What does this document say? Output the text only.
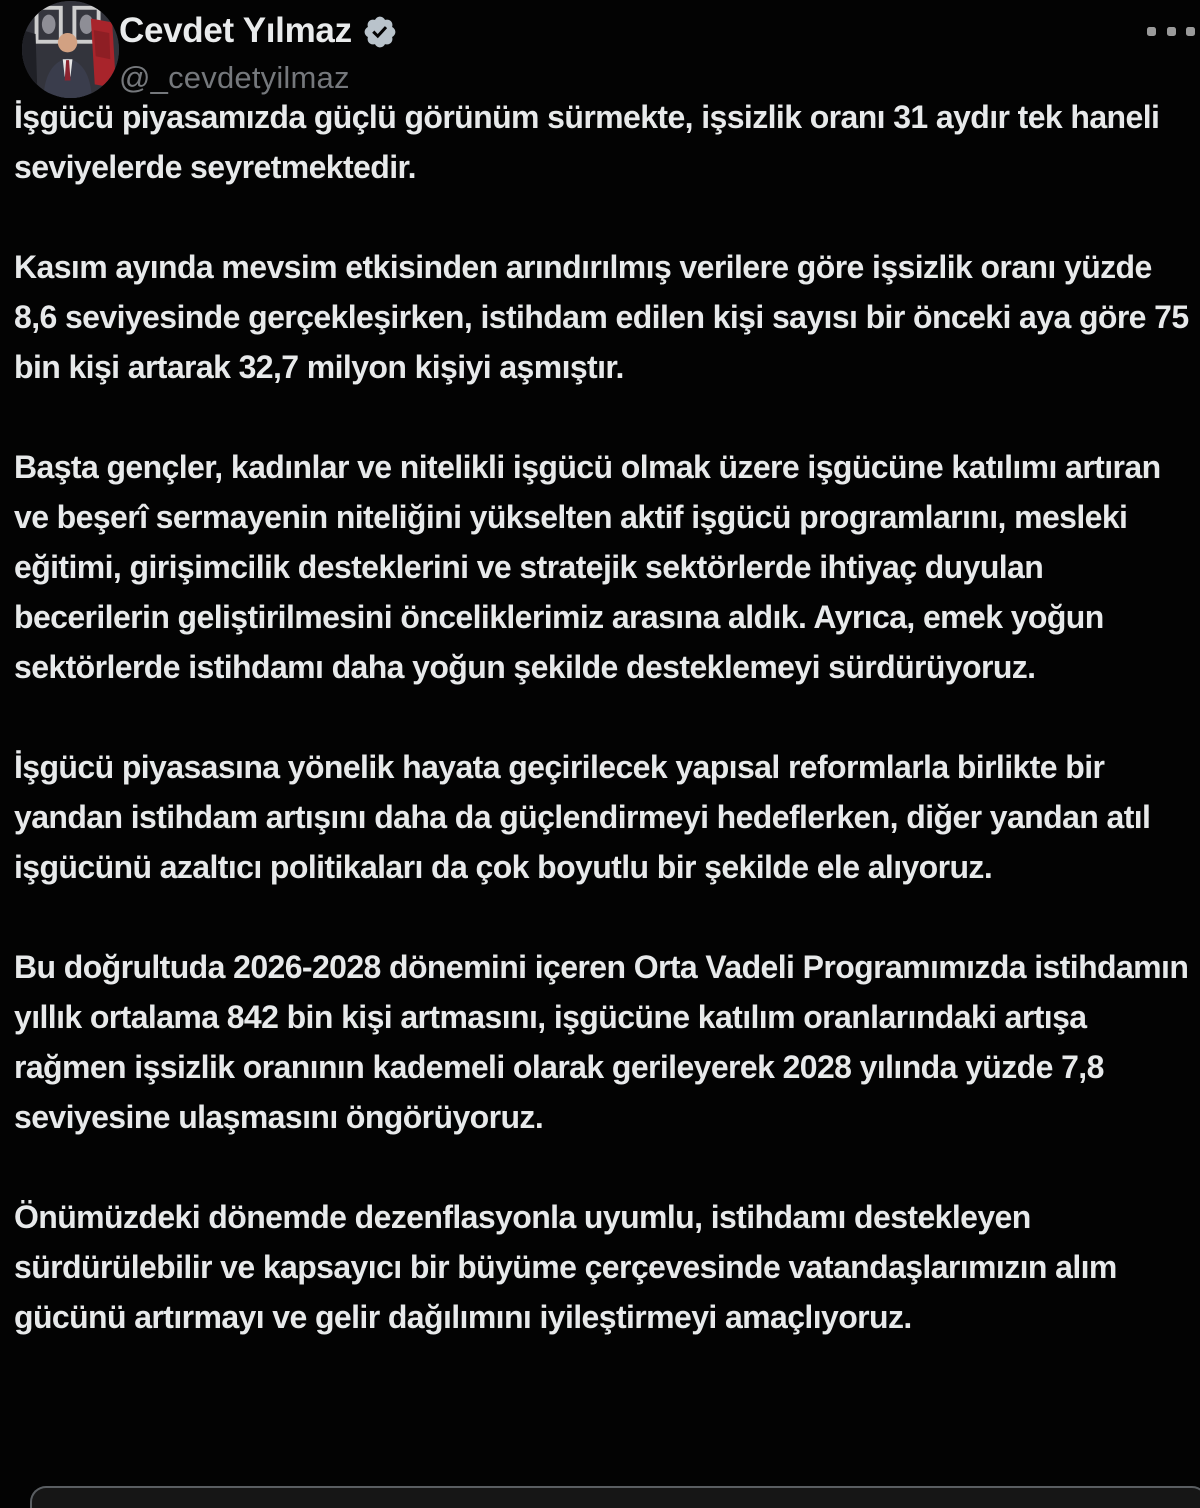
Cevdet Yılmaz
@_cevdetyilmaz

İşgücü piyasamızda güçlü görünüm sürmekte, işsizlik oranı 31 aydır tek haneli seviyelerde seyretmektedir.

Kasım ayında mevsim etkisinden arındırılmış verilere göre işsizlik oranı yüzde 8,6 seviyesinde gerçekleşirken, istihdam edilen kişi sayısı bir önceki aya göre 75 bin kişi artarak 32,7 milyon kişiyi aşmıştır.

Başta gençler, kadınlar ve nitelikli işgücü olmak üzere işgücüne katılımı artıran ve beşerî sermayenin niteliğini yükselten aktif işgücü programlarını, mesleki eğitimi, girişimcilik desteklerini ve stratejik sektörlerde ihtiyaç duyulan becerilerin geliştirilmesini önceliklerimiz arasına aldık. Ayrıca, emek yoğun sektörlerde istihdamı daha yoğun şekilde desteklemeyi sürdürüyoruz.

İşgücü piyasasına yönelik hayata geçirilecek yapısal reformlarla birlikte bir yandan istihdam artışını daha da güçlendirmeyi hedeflerken, diğer yandan atıl işgücünü azaltıcı politikaları da çok boyutlu bir şekilde ele alıyoruz.

Bu doğrultuda 2026-2028 dönemini içeren Orta Vadeli Programımızda istihdamın yıllık ortalama 842 bin kişi artmasını, işgücüne katılım oranlarındaki artışa rağmen işsizlik oranının kademeli olarak gerileyerek 2028 yılında yüzde 7,8 seviyesine ulaşmasını öngörüyoruz.

Önümüzdeki dönemde dezenflasyonla uyumlu, istihdamı destekleyen sürdürülebilir ve kapsayıcı bir büyüme çerçevesinde vatandaşlarımızın alım gücünü artırmayı ve gelir dağılımını iyileştirmeyi amaçlıyoruz.
